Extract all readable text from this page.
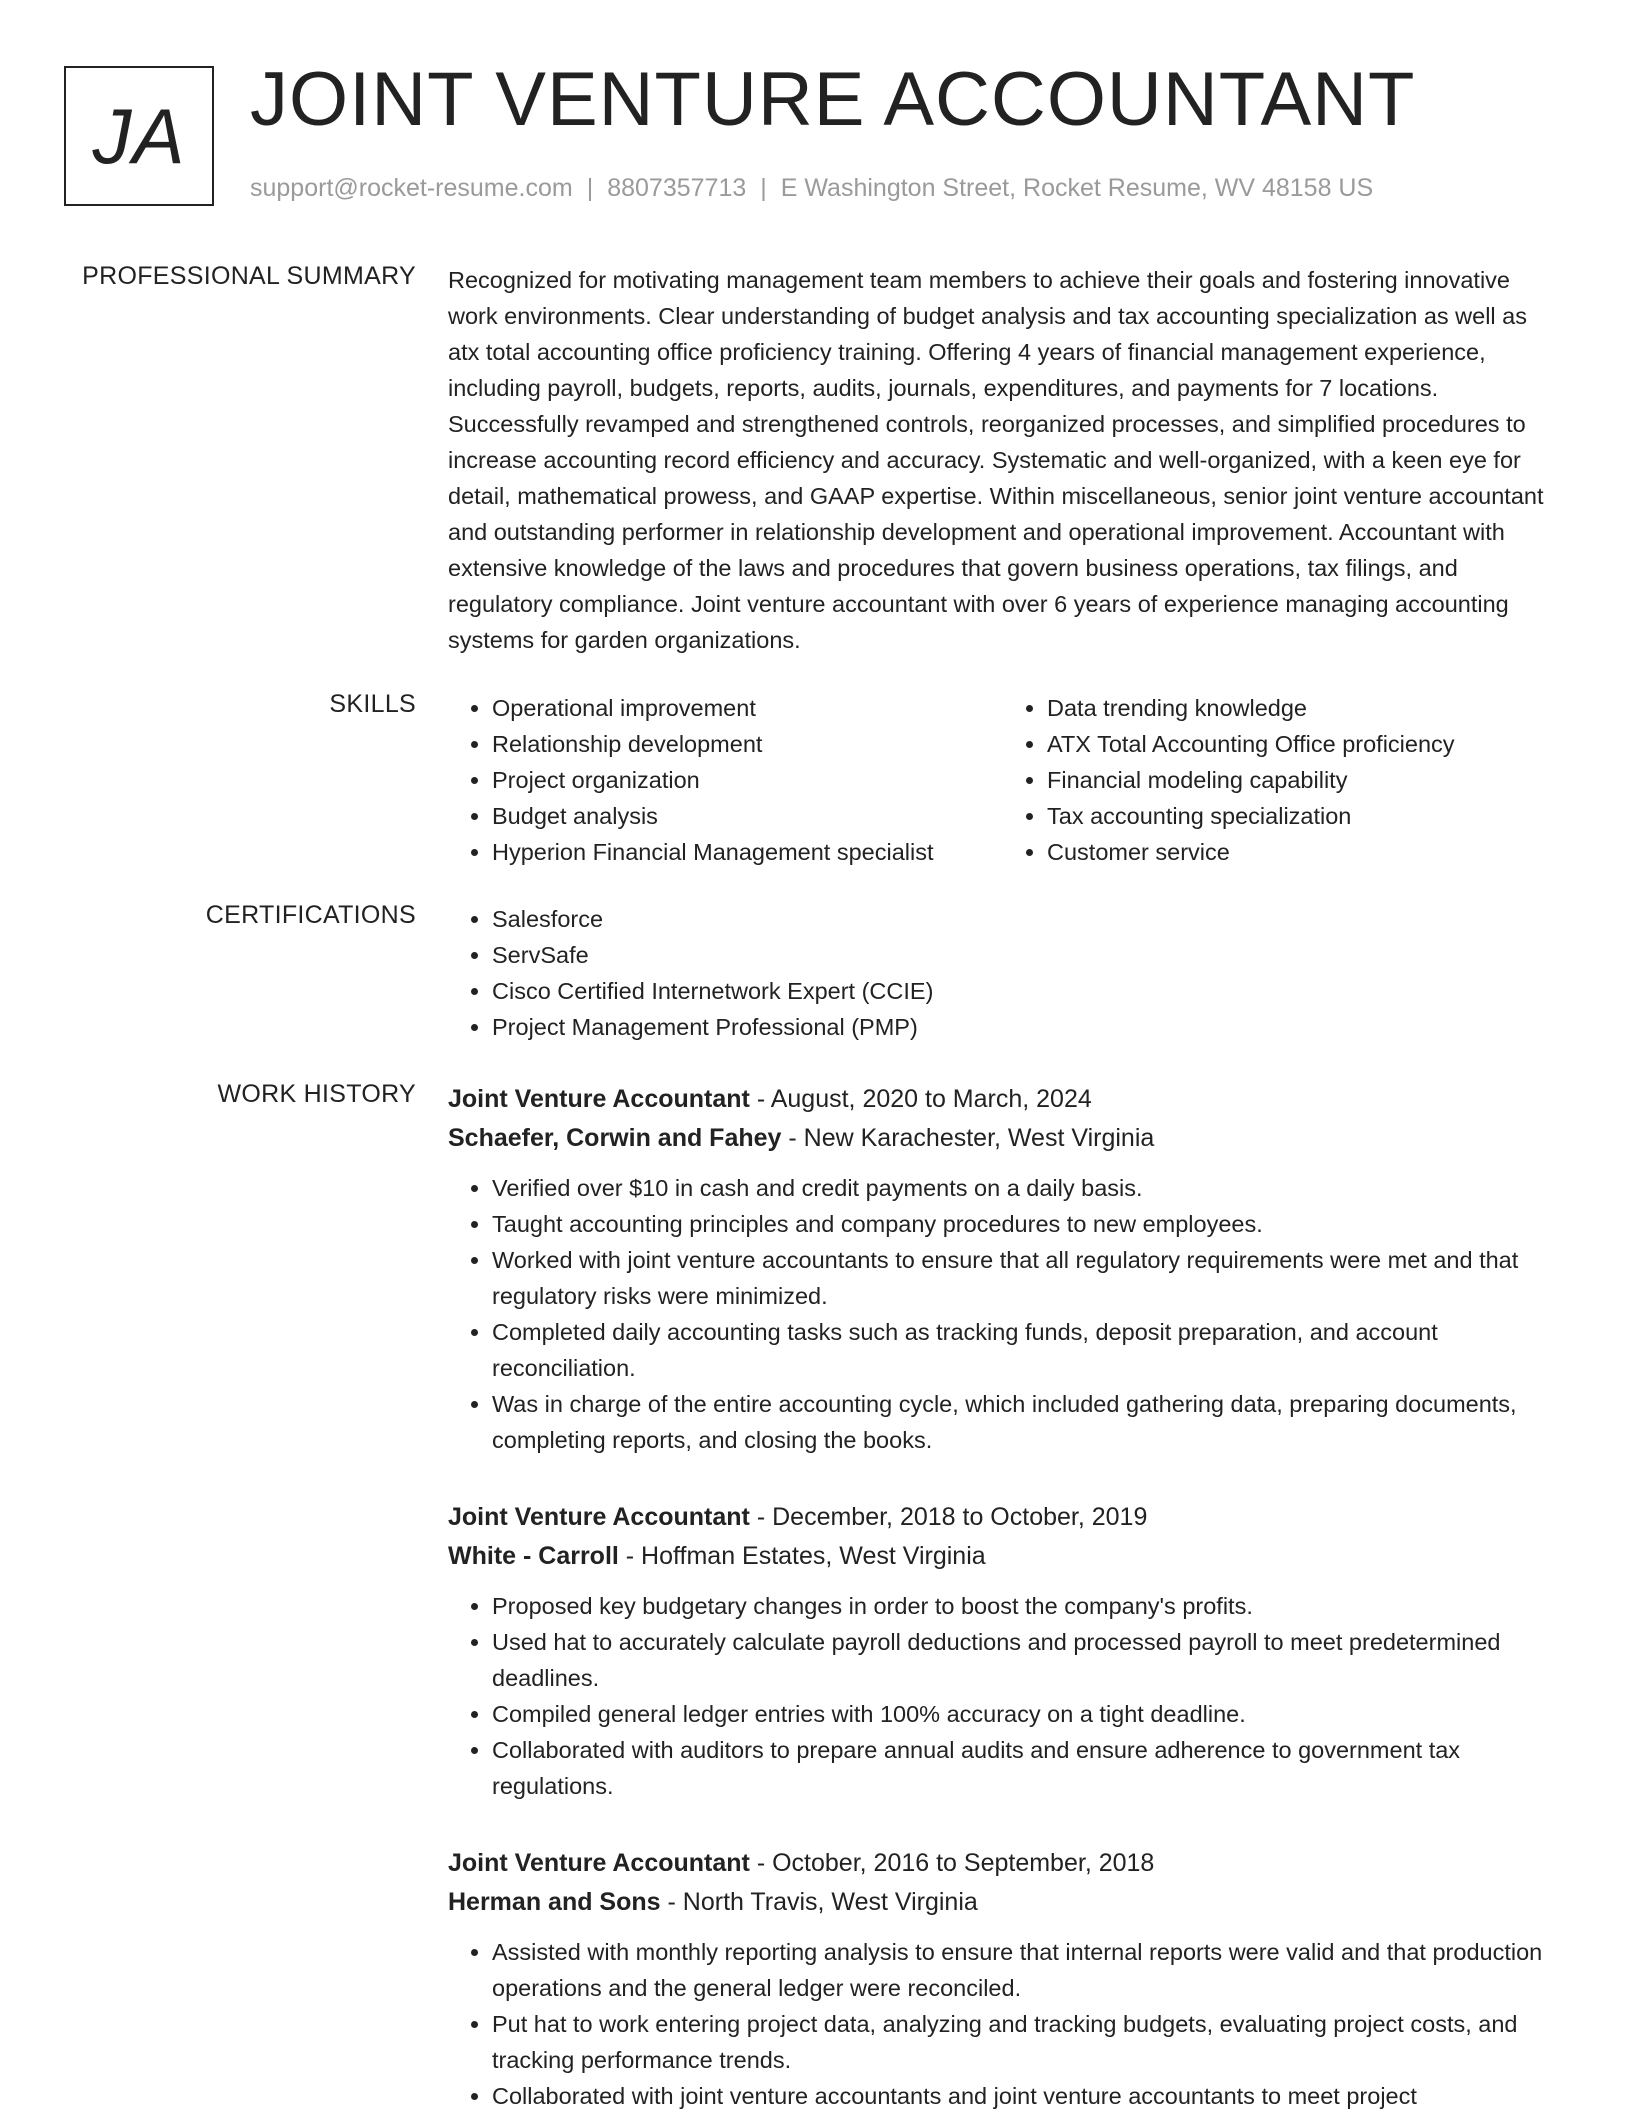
JA JOINT VENTURE ACCOUNTANT
support@rocket-resume.com | 8807357713 | E Washington Street, Rocket Resume, WV 48158 US
PROFESSIONAL SUMMARY Recognized for motivating management team members to achieve their goals and fostering innovative work environments. Clear understanding of budget analysis and tax accounting specialization as well as atx total accounting office proficiency training. Offering 4 years of financial management experience, including payroll, budgets, reports, audits, journals, expenditures, and payments for 7 locations. Successfully revamped and strengthened controls, reorganized processes, and simplified procedures to increase accounting record efficiency and accuracy. Systematic and well-organized, with a keen eye for detail, mathematical prowess, and GAAP expertise. Within miscellaneous, senior joint venture accountant and outstanding performer in relationship development and operational improvement. Accountant with extensive knowledge of the laws and procedures that govern business operations, tax filings, and regulatory compliance. Joint venture accountant with over 6 years of experience managing accounting systems for garden organizations.

SKILLS	• Operational improvement
• Relationship development
• Project organization
• Budget analysis
• Hyperion Financial Management specialist
• Data trending knowledge
• ATX Total Accounting Office proficiency
• Financial modeling capability
• Tax accounting specialization
• Customer service
CERTIFICATIONS	• Salesforce
• ServSafe
• Cisco Certified Internetwork Expert (CCIE)
• Project Management Professional (PMP)
WORK HISTORY Joint Venture Accountant - August, 2020 to March, 2024
Schaefer, Corwin and Fahey - New Karachester, West Virginia
• Verified over $10 in cash and credit payments on a daily basis.
• Taught accounting principles and company procedures to new employees.
• Worked with joint venture accountants to ensure that all regulatory requirements were met and that regulatory risks were minimized.
• Completed daily accounting tasks such as tracking funds, deposit preparation, and account reconciliation.
• Was in charge of the entire accounting cycle, which included gathering data, preparing documents, completing reports, and closing the books.
Joint Venture Accountant - December, 2018 to October, 2019
White - Carroll - Hoffman Estates, West Virginia
• Proposed key budgetary changes in order to boost the company's profits.
• Used hat to accurately calculate payroll deductions and processed payroll to meet predetermined deadlines.
• Compiled general ledger entries with 100% accuracy on a tight deadline.
• Collaborated with auditors to prepare annual audits and ensure adherence to government tax regulations.
Joint Venture Accountant - October, 2016 to September, 2018
Herman and Sons - North Travis, West Virginia
• Assisted with monthly reporting analysis to ensure that internal reports were valid and that production operations and the general ledger were reconciled.
• Put hat to work entering project data, analyzing and tracking budgets, evaluating project costs, and tracking performance trends.
• Collaborated with joint venture accountants and joint venture accountants to meet project
